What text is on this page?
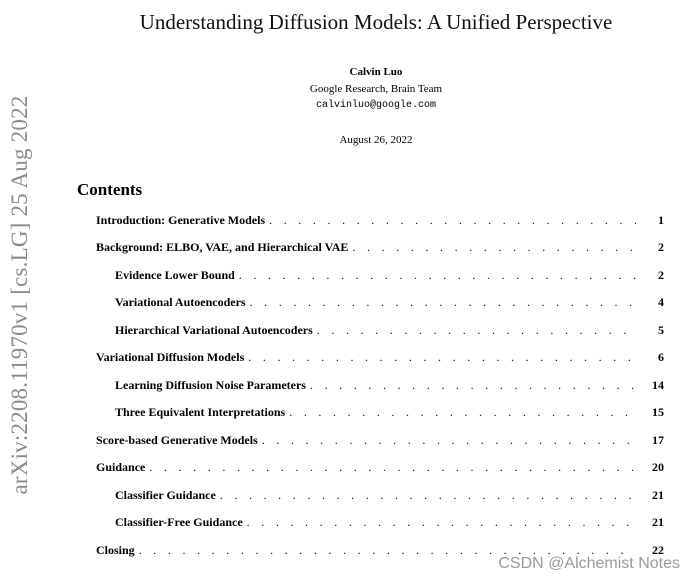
arXiv:2208.11970v1 [cs.LG] 25 Aug 2022
Understanding Diffusion Models: A Unified Perspective
Calvin Luo
Google Research, Brain Team
calvinluo@google.com
August 26, 2022
Contents
Introduction: Generative Models . . .	1
Background: ELBO, VAE, and Hierarchical VAE . . .	2
Evidence Lower Bound . . .	2
Variational Autoencoders . . .	4
Hierarchical Variational Autoencoders . . .	5
Variational Diffusion Models . . .	6
Learning Diffusion Noise Parameters . . .	14
Three Equivalent Interpretations . . .	15
Score-based Generative Models . . .	17
Guidance . . .	20
Classifier Guidance . . .	21
Classifier-Free Guidance . . .	21
Closing . . .	22
CSDN @Alchemist Notes
